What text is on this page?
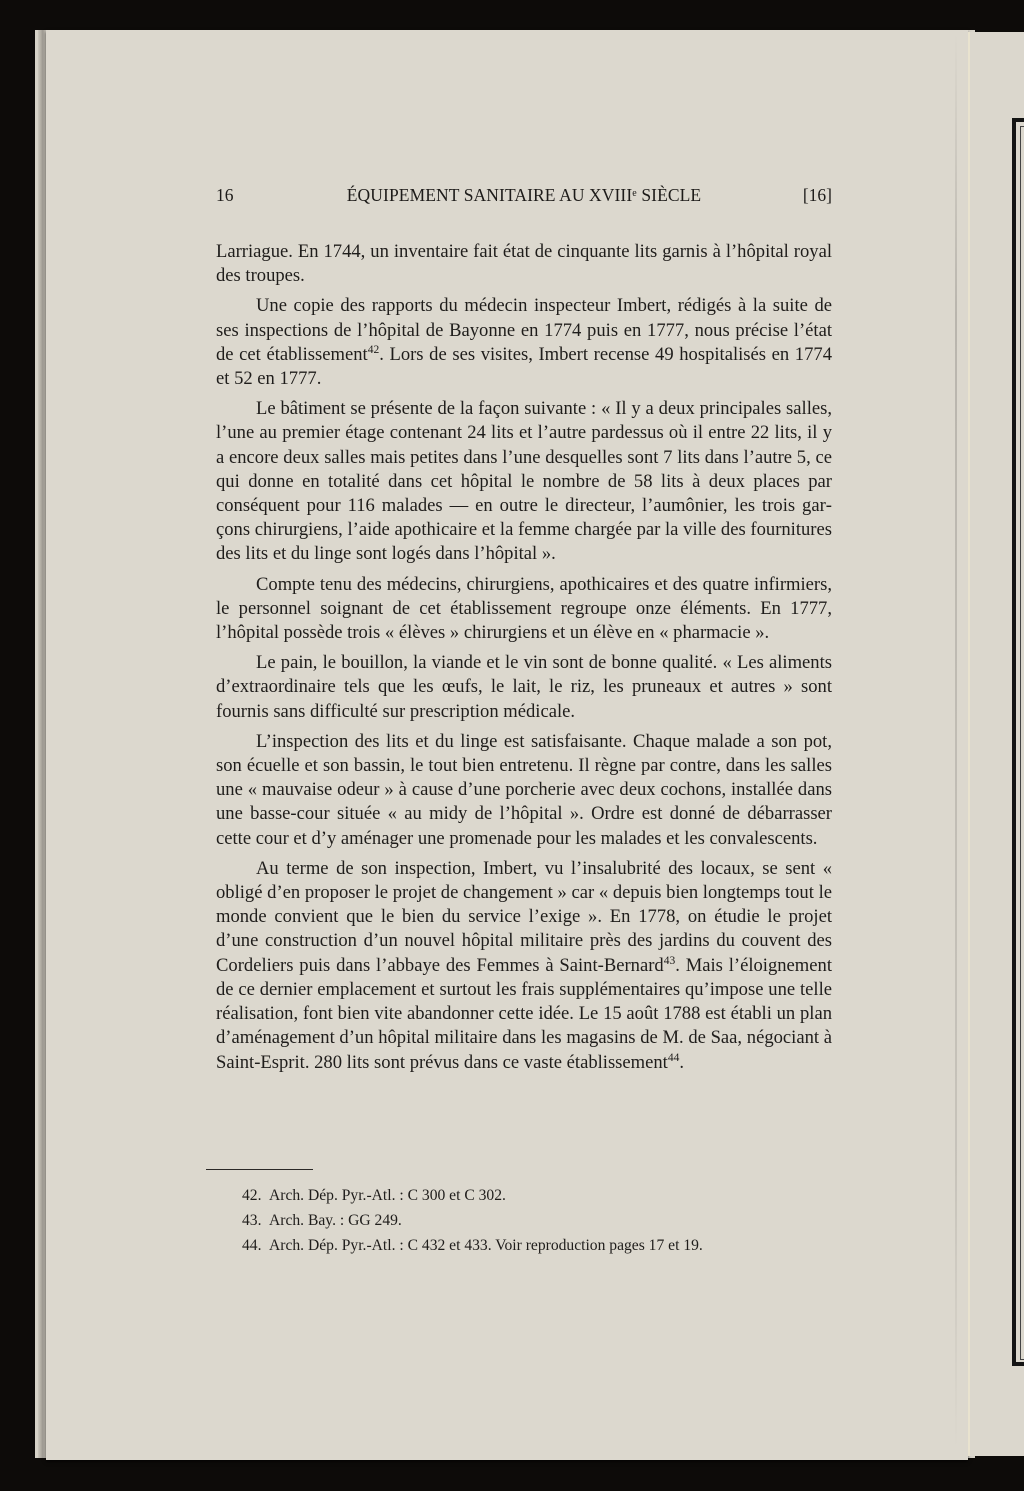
16	ÉQUIPEMENT SANITAIRE AU XVIIIe SIÈCLE	[16]

Larriague. En 1744, un inventaire fait état de cinquante lits garnis à l’hôpital royal des troupes.

Une copie des rapports du médecin inspecteur Imbert, rédigés à la suite de ses inspections de l’hôpital de Bayonne en 1774 puis en 1777, nous précise l’état de cet établissement$^{42}$. Lors de ses visites, Imbert recense 49 hospitalisés en 1774 et 52 en 1777.

Le bâtiment se présente de la façon suivante : « Il y a deux principales salles, l’une au premier étage contenant 24 lits et l’autre pardessus où il entre 22 lits, il y a encore deux salles mais petites dans l’une desquelles sont 7 lits dans l’autre 5, ce qui donne en totalité dans cet hôpital le nombre de 58 lits à deux places par conséquent pour 116 malades — en outre le directeur, l’aumônier, les trois garçons chirurgiens, l’aide apothicaire et la femme chargée par la ville des fournitures des lits et du linge sont logés dans l’hôpital ».

Compte tenu des médecins, chirurgiens, apothicaires et des quatre infirmiers, le personnel soignant de cet établissement regroupe onze éléments. En 1777, l’hôpital possède trois « élèves » chirurgiens et un élève en « pharmacie ».

Le pain, le bouillon, la viande et le vin sont de bonne qualité. « Les aliments d’extraordinaire tels que les œufs, le lait, le riz, les pruneaux et autres » sont fournis sans difficulté sur prescription médicale.

L’inspection des lits et du linge est satisfaisante. Chaque malade a son pot, son écuelle et son bassin, le tout bien entretenu. Il règne par contre, dans les salles une « mauvaise odeur » à cause d’une porcherie avec deux cochons, installée dans une basse-cour située « au midy de l’hôpital ». Ordre est donné de débarrasser cette cour et d’y aménager une promenade pour les malades et les convalescents.

Au terme de son inspection, Imbert, vu l’insalubrité des locaux, se sent « obligé d’en proposer le projet de changement » car « depuis bien longtemps tout le monde convient que le bien du service l’exige ». En 1778, on étudie le projet d’une construction d’un nouvel hôpital militaire près des jardins du couvent des Cordeliers puis dans l’abbaye des Femmes à Saint-Bernard$^{43}$. Mais l’éloignement de ce dernier emplacement et surtout les frais supplémentaires qu’impose une telle réalisation, font bien vite abandonner cette idée. Le 15 août 1788 est établi un plan d’aménagement d’un hôpital militaire dans les magasins de M. de Saa, négociant à Saint-Esprit. 280 lits sont prévus dans ce vaste établissement$^{44}$.

42. Arch. Dép. Pyr.-Atl. : C 300 et C 302.
43. Arch. Bay. : GG 249.
44. Arch. Dép. Pyr.-Atl. : C 432 et 433. Voir reproduction pages 17 et 19.
